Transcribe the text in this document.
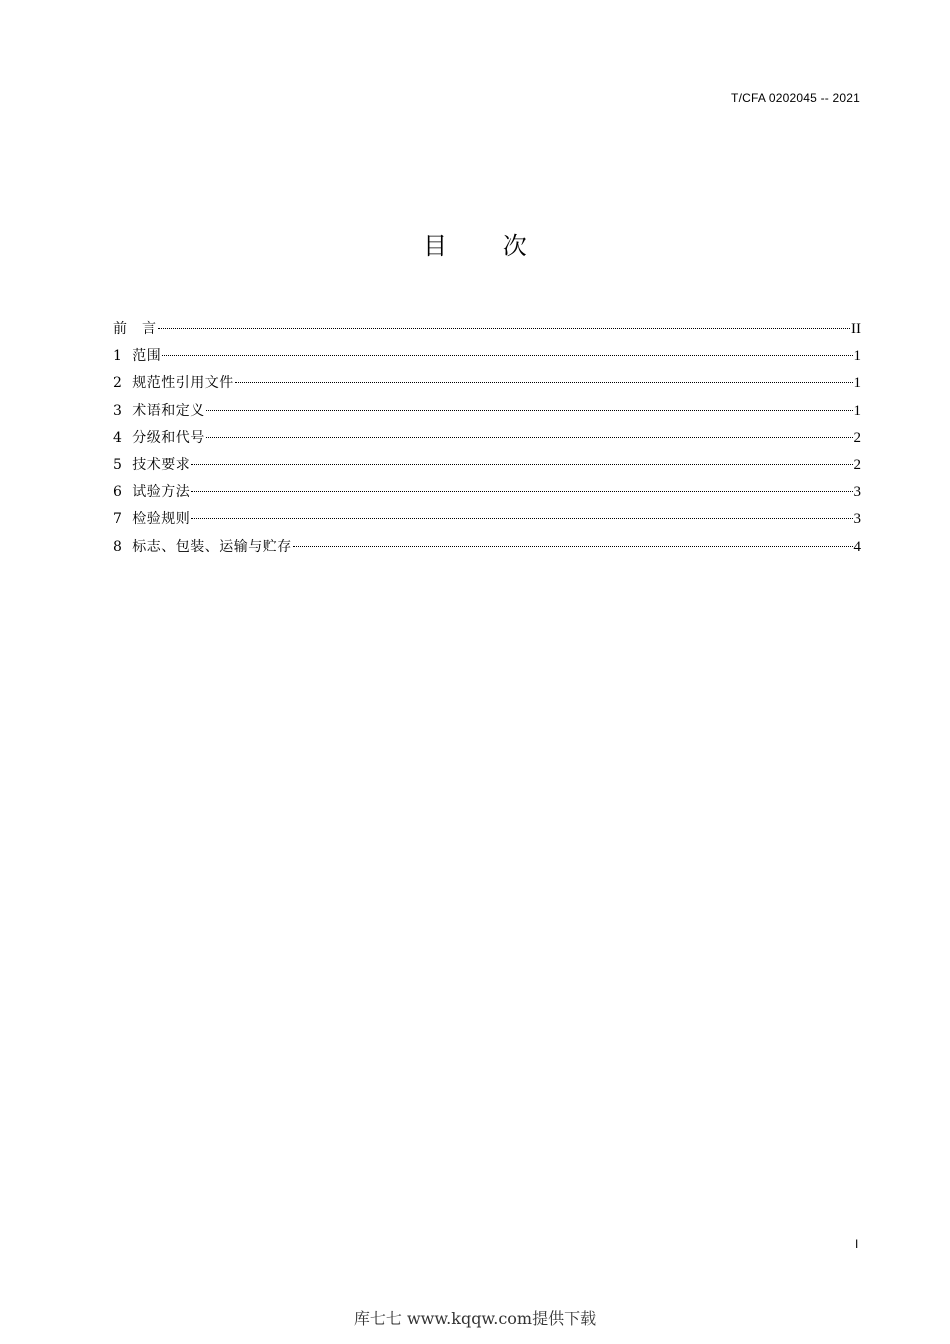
T/CFA 0202045 -- 2021
目 次
前　言	II
1  范围	1
2  规范性引用文件	1
3  术语和定义	1
4  分级和代号	2
5  技术要求	2
6  试验方法	3
7  检验规则	3
8  标志、包装、运输与贮存	4
I
库七七 www.kqqw.com提供下载
